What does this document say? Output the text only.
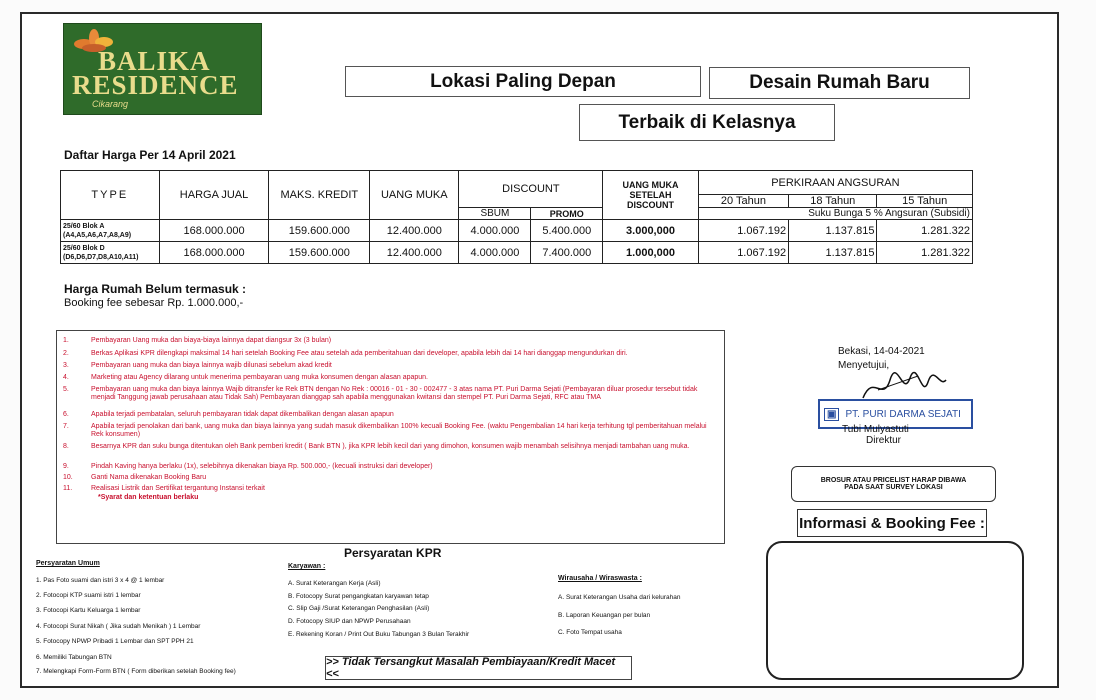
BALIKA
RESIDENCE
Cikarang
Lokasi Paling Depan	Desain Rumah Baru
Terbaik di Kelasnya
Daftar Harga Per 14 April 2021
TYPE	HARGA JUAL	MAKS. KREDIT	UANG MUKA	DISCOUNT		UANG MUKA SETELAH DISCOUNT	PERKIRAAN ANGSURAN		
							20 Tahun	18 Tahun	15 Tahun
				SBUM	PROMO		Suku Bunga 5 % Angsuran (Subsidi)		
25/60 Blok A
(A4,A5,A6,A7,A8,A9)	168.000.000	159.600.000	12.400.000	4.000.000	5.400.000	3.000,000	1.067.192	1.137.815	1.281.322
25/60 Blok D
(D6,D6,D7,D8,A10,A11)	168.000.000	159.600.000	12.400.000	4.000.000	7.400.000	1.000,000	1.067.192	1.137.815	1.281.322
Harga Rumah Belum termasuk :
Booking fee sebesar Rp. 1.000.000,-
1.	Pembayaran Uang muka dan biaya-biaya lainnya dapat diangsur 3x (3 bulan)
2.	Berkas Aplikasi KPR dilengkapi maksimal 14 hari setelah Booking Fee atau setelah ada pemberitahuan dari developer, apabila lebih dai 14 hari dianggap mengundurkan diri.
3.	Pembayaran uang muka dan biaya lainnya wajib dilunasi sebelum akad kredit
4.	Marketing atau Agency dilarang untuk menerima pembayaran uang muka konsumen dengan alasan apapun.
5.	Pembayaran uang muka dan biaya lainnya Wajib ditransfer ke Rek BTN dengan No Rek : 00016 - 01 - 30 - 002477 - 3 atas nama PT. Puri Darma Sejati (Pembayaran diluar prosedur tersebut tidak menjadi Tanggung jawab perusahaan atau Tidak Sah) Pembayaran dianggap sah apabila menggunakan kwitansi dan stempel PT. Puri Darma Sejati, RFC atau TMA
6.	Apabila terjadi pembatalan, seluruh pembayaran tidak dapat dikembalikan dengan alasan apapun
7.	Apabila terjadi penolakan dari bank, uang muka dan biaya lainnya yang sudah masuk dikembalikan 100% kecuali Booking Fee. (waktu Pengembalian 14 hari kerja terhitung tgl pemberitahuan melalui Rek konsumen)
8.	Besarnya KPR dan suku bunga ditentukan oleh Bank pemberi kredit ( Bank BTN ), jika KPR lebih kecil dari yang dimohon, konsumen wajib menambah selisihnya menjadi tambahan uang muka.
9.	Pindah Kaving hanya berlaku (1x), selebihnya dikenakan biaya Rp. 500.000,- (kecuali instruksi dari developer)
10.	Ganti Nama dikenakan Booking Baru
11.	Realisasi Listrik dan Sertifikat tergantung Instansi terkait
*Syarat dan ketentuan berlaku
Bekasi, 14-04-2021
Menyetujui,
▣ PT. PURI DARMA SEJATI
Tubi Mulyastuti
Direktur
BROSUR ATAU PRICELIST HARAP DIBAWA PADA SAAT SURVEY LOKASI
Informasi & Booking Fee :
Persyaratan KPR
Persyaratan Umum
1. Pas Foto suami dan istri 3 x 4 @ 1 lembar
2. Fotocopi KTP suami istri 1 lembar
3. Fotocopi Kartu Keluarga 1 lembar
4. Fotocopi Surat Nikah ( Jika sudah Menikah ) 1 Lembar
5. Fotocopy NPWP Pribadi 1 Lembar dan SPT PPH 21
6. Memiliki Tabungan BTN
7. Melengkapi Form-Form BTN ( Form diberikan setelah Booking fee)
Karyawan :
A. Surat Keterangan Kerja (Asli)
B. Fotocopy Surat pengangkatan karyawan tetap
C. Slip Gaji /Surat Keterangan Penghasilan (Asli)
D. Fotocopy SIUP dan NPWP Perusahaan
E. Rekening Koran / Print Out Buku Tabungan 3 Bulan Terakhir
Wirausaha / Wiraswasta :
A. Surat Keterangan Usaha dari kelurahan
B. Laporan Keuangan per bulan
C. Foto Tempat usaha
>> Tidak Tersangkut Masalah Pembiayaan/Kredit Macet <<
